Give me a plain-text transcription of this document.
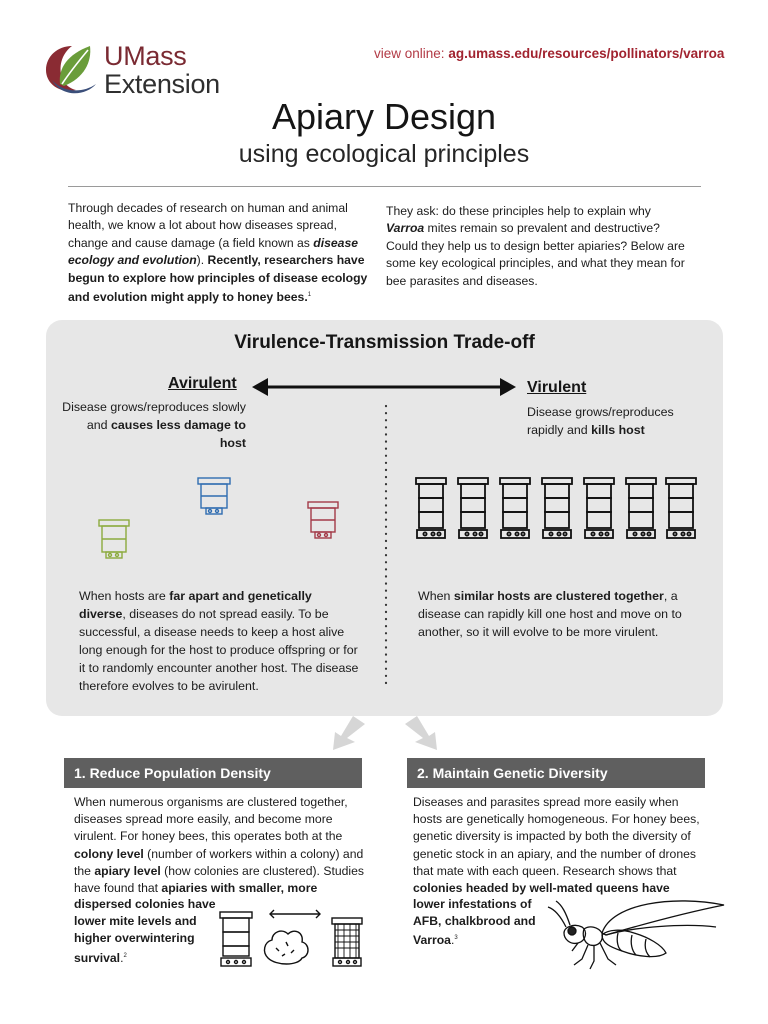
UMass
Extension
view online: ag.umass.edu/resources/pollinators/varroa
Apiary Design
using ecological principles
Through decades of research on human and animal health, we know a lot about how diseases spread, change and cause damage (a field known as disease ecology and evolution). Recently, researchers have begun to explore how principles of disease ecology and evolution might apply to honey bees.$^1$
They ask: do these principles help to explain why Varroa mites remain so prevalent and destructive? Could they help us to design better apiaries? Below are some key ecological principles, and what they mean for bee parasites and diseases.
Virulence-Transmission Trade-off
Avirulent	Virulent
Disease grows/reproduces slowly and causes less damage to host
Disease grows/reproduces rapidly and kills host
When hosts are far apart and genetically diverse, diseases do not spread easily. To be successful, a disease needs to keep a host alive long enough for the host to produce offspring or for it to randomly encounter another host. The disease therefore evolves to be avirulent.
When similar hosts are clustered together, a disease can rapidly kill one host and move on to another, so it will evolve to be more virulent.
1. Reduce Population Density
When numerous organisms are clustered together, diseases spread more easily, and become more virulent. For honey bees, this operates both at the colony level (number of workers within a colony) and the apiary level (how colonies are clustered). Studies have found that apiaries with smaller, more
dispersed colonies have lower mite levels and higher overwintering survival.$^2$
2. Maintain Genetic Diversity
Diseases and parasites spread more easily when hosts are genetically homogeneous. For honey bees, genetic diversity is impacted by both the diversity of genetic stock in an apiary, and the number of drones that mate with each queen. Research shows that colonies headed by well-mated queens have
lower infestations of AFB, chalkbrood and Varroa.$^3$
